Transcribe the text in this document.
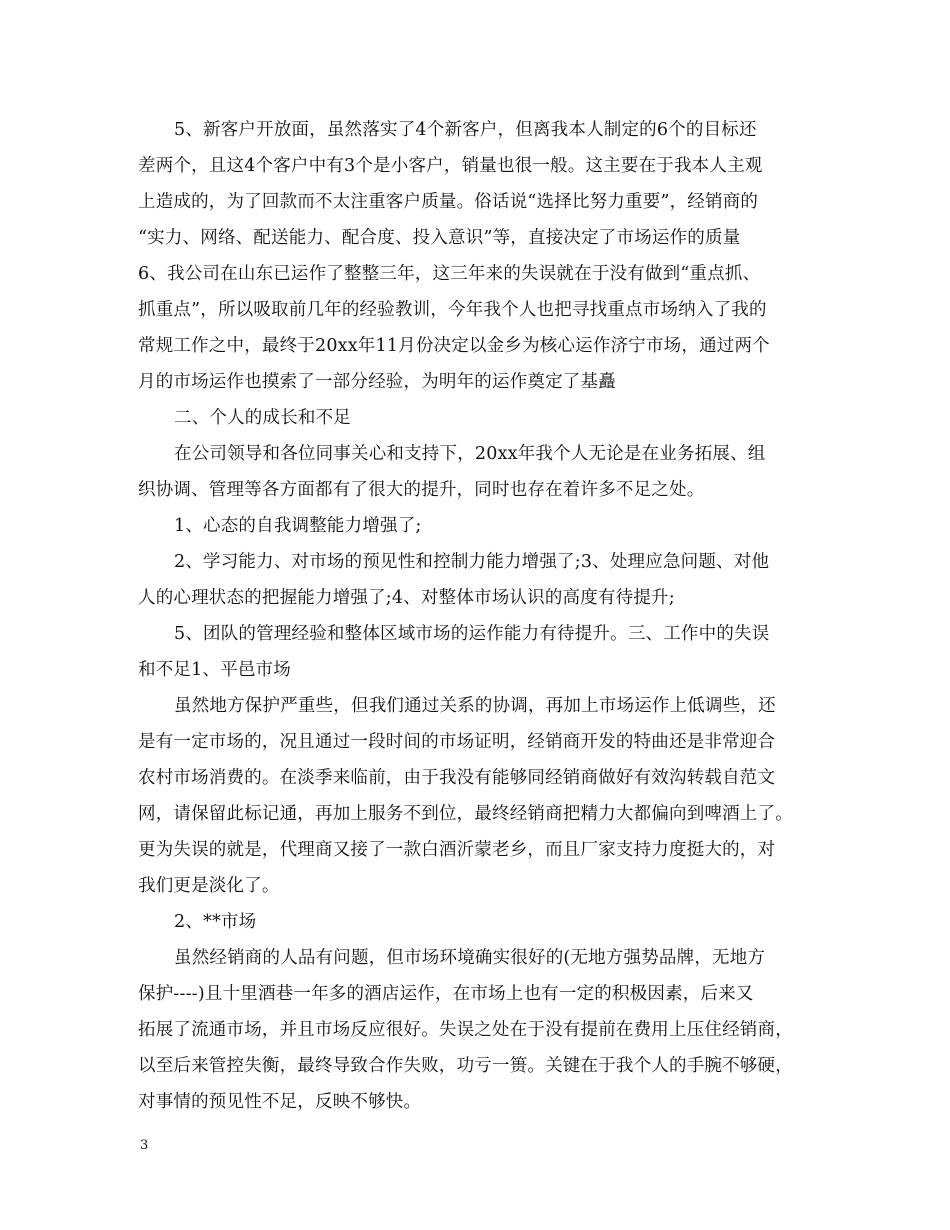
5、新客户开放面，虽然落实了4个新客户，但离我本人制定的6个的目标还
差两个，且这4个客户中有3个是小客户，销量也很一般。这主要在于我本人主观
上造成的，为了回款而不太注重客户质量。俗话说“选择比努力重要”，经销商的
“实力、网络、配送能力、配合度、投入意识”等，直接决定了市场运作的质量
6、我公司在山东已运作了整整三年，这三年来的失误就在于没有做到“重点抓、
抓重点”，所以吸取前几年的经验教训，今年我个人也把寻找重点市场纳入了我的
常规工作之中，最终于20xx年11月份决定以金乡为核心运作济宁市场，通过两个
月的市场运作也摸索了一部分经验，为明年的运作奠定了基矗
二、个人的成长和不足
在公司领导和各位同事关心和支持下，20xx年我个人无论是在业务拓展、组
织协调、管理等各方面都有了很大的提升，同时也存在着许多不足之处。
1、心态的自我调整能力增强了;
2、学习能力、对市场的预见性和控制力能力增强了;3、处理应急问题、对他
人的心理状态的把握能力增强了;4、对整体市场认识的高度有待提升;
5、团队的管理经验和整体区域市场的运作能力有待提升。三、工作中的失误
和不足1、平邑市场
虽然地方保护严重些，但我们通过关系的协调，再加上市场运作上低调些，还
是有一定市场的，况且通过一段时间的市场证明，经销商开发的特曲还是非常迎合
农村市场消费的。在淡季来临前，由于我没有能够同经销商做好有效沟转载自范文
网，请保留此标记通，再加上服务不到位，最终经销商把精力大都偏向到啤酒上了。
更为失误的就是，代理商又接了一款白酒沂蒙老乡，而且厂家支持力度挺大的，对
我们更是淡化了。
2、**市场
虽然经销商的人品有问题，但市场环境确实很好的(无地方强势品牌，无地方
保护----)且十里酒巷一年多的酒店运作，在市场上也有一定的积极因素，后来又
拓展了流通市场，并且市场反应很好。失误之处在于没有提前在费用上压住经销商，
以至后来管控失衡，最终导致合作失败，功亏一篑。关键在于我个人的手腕不够硬，
对事情的预见性不足，反映不够快。
3
